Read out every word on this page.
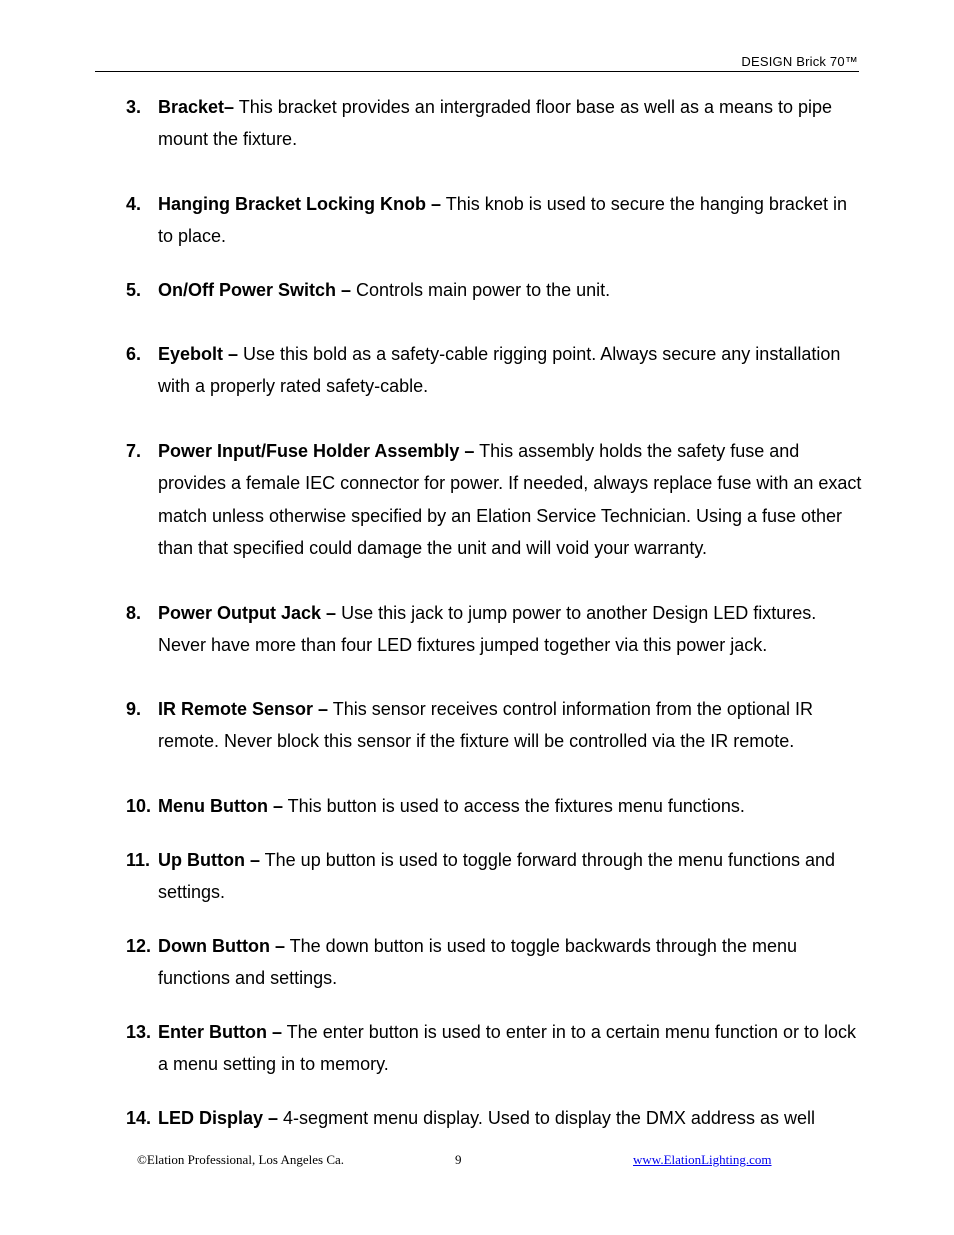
DESIGN Brick 70™
3. Bracket– This bracket provides an intergraded floor base as well as a means to pipe mount the fixture.
4. Hanging Bracket Locking Knob – This knob is used to secure the hanging bracket in to place.
5. On/Off Power Switch – Controls main power to the unit.
6. Eyebolt – Use this bold as a safety-cable rigging point. Always secure any installation with a properly rated safety-cable.
7. Power Input/Fuse Holder Assembly – This assembly holds the safety fuse and provides a female IEC connector for power. If needed, always replace fuse with an exact match unless otherwise specified by an Elation Service Technician. Using a fuse other than that specified could damage the unit and will void your warranty.
8. Power Output Jack – Use this jack to jump power to another Design LED fixtures. Never have more than four LED fixtures jumped together via this power jack.
9. IR Remote Sensor – This sensor receives control information from the optional IR remote. Never block this sensor if the fixture will be controlled via the IR remote.
10. Menu Button – This button is used to access the fixtures menu functions.
11. Up Button – The up button is used to toggle forward through the menu functions and settings.
12. Down Button – The down button is used to toggle backwards through the menu functions and settings.
13. Enter Button – The enter button is used to enter in to a certain menu function or to lock a menu setting in to memory.
14. LED Display – 4-segment menu display. Used to display the DMX address as well
©Elation Professional, Los Angeles Ca.	9	www.ElationLighting.com
